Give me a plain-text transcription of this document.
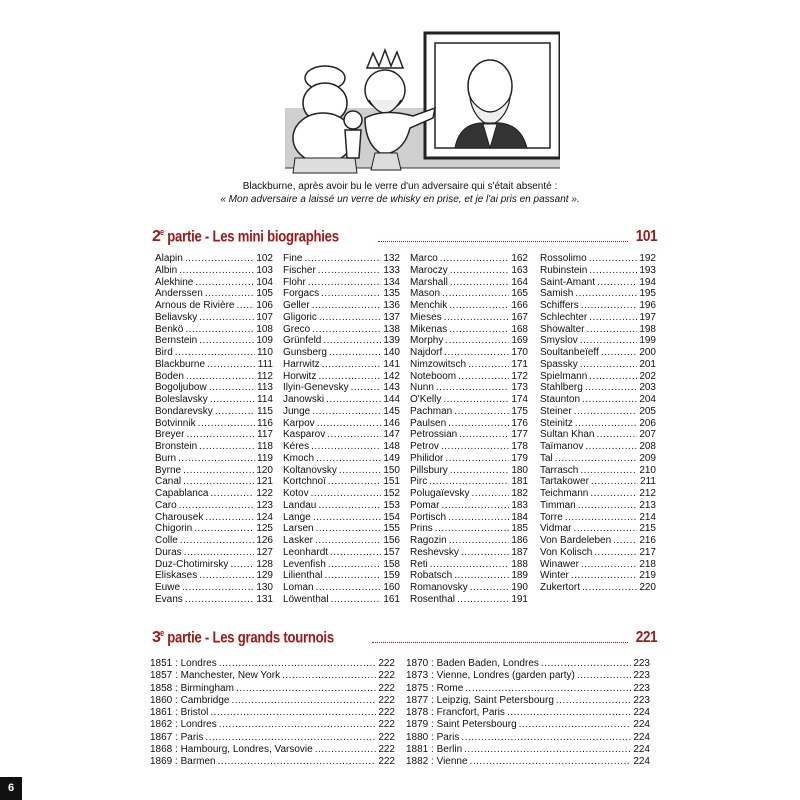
Blackburne, après avoir bu le verre d'un adversaire qui s'était absenté :
« Mon adversaire a laissé un verre de whisky en prise, et je l'ai pris en passant ».
2 $^e$ partie - Les mini biographies	101
Alapin .....	102
Albin .....	103
Alekhine .....	104
Anderssen .....	105
Arnous de Rivière ..... 106
Beliavsky .....	107
Benkö .....	108
Bernstein .....	109
Bird .....	110
Blackburne .....	111
Boden .....	112
Bogoljubow .....	113
Boleslavsky .....	114
Bondarevsky .....	115
Botvinnik .....	116
Breyer .....	117
Bronstein .....	118
Burn .....	119
Byrne .....	120
Canal .....	121
Capablanca .....	122
Caro .....	123
Charousek .....	124
Chigorin .....	125
Colle .....	126
Duras .....	127
Duz-Chotimirsky .....	128
Eliskases .....	129
Euwe .....	130
Evans .....	131
Fine .....	132
Fischer .....	133
Flohr .....	134
Forgacs .....	135
Geller .....	136
Gligoric .....	137
Greco .....	138
Grünfeld .....	139
Gunsberg .....	140
Harrwitz .....	141
Horwitz .....	142
Ilyin-Genevsky .....	143
Janowski .....	144
Junge .....	145
Karpov .....	146
Kasparov .....	147
Kéres .....	148
Kmoch .....	149
Koltanovsky .....	150
Kortchnoï .....	151
Kotov .....	152
Landau .....	153
Lange .....	154
Larsen .....	155
Lasker .....	156
Leonhardt .....	157
Levenfish .....	158
Lilienthal .....	159
Loman .....	160
Löwenthal .....	161
Marco .....	162
Maroczy .....	163
Marshall .....	164
Mason .....	165
Menchik .....	166
Mieses .....	167
Mikenas .....	168
Morphy .....	169
Najdorf .....	170
Nimzowitsch .....	171
Noteboom .....	172
Nunn .....	173
O'Kelly .....	174
Pachman .....	175
Paulsen .....	176
Petrossian .....	177
Petrov .....	178
Philidor .....	179
Pillsbury .....	180
Pirc .....	181
Polugaïevsky .....	182
Pomar .....	183
Portisch .....	184
Prins .....	185
Ragozin .....	186
Reshevsky .....	187
Reti .....	188
Robatsch .....	189
Romanovsky .....	190
Rosenthal .....	191
Rossolimo .....	192
Rubinstein .....	193
Saint-Amant .....	194
Samish .....	195
Schiffers .....	196
Schlechter .....	197
Showalter .....	198
Smyslov .....	199
Soultanbeïeff .....	200
Spassky .....	201
Spielmann .....	202
Stahlberg .....	203
Staunton .....	204
Steiner .....	205
Steinitz .....	206
Sultan Khan .....	207
Taïmanov .....	208
Tal .....	209
Tarrasch .....	210
Tartakower .....	211
Teichmann .....	212
Timman .....	213
Torre .....	214
Vidmar .....	215
Von Bardeleben .....	216
Von Kolisch .....	217
Winawer .....	218
Winter .....	219
Zukertort .....	220
3 $^e$ partie - Les grands tournois	221
1851 : Londres .....	222
1857 : Manchester, New York .....	222
1858 : Birmingham .....	222
1860 : Cambridge .....	222
1861 : Bristol .....	222
1862 : Londres .....	222
1867 : Paris .....	222
1868 : Hambourg, Londres, Varsovie .....	222
1869 : Barmen .....	222
1870 : Baden Baden, Londres .....	223
1873 : Vienne, Londres (garden party) .....	223
1875 : Rome .....	223
1877 : Leipzig, Saint Petersbourg .....	223
1878 : Francfort, Paris .....	224
1879 : Saint Petersbourg .....	224
1880 : Paris .....	224
1881 : Berlin .....	224
1882 : Vienne .....	224
6
